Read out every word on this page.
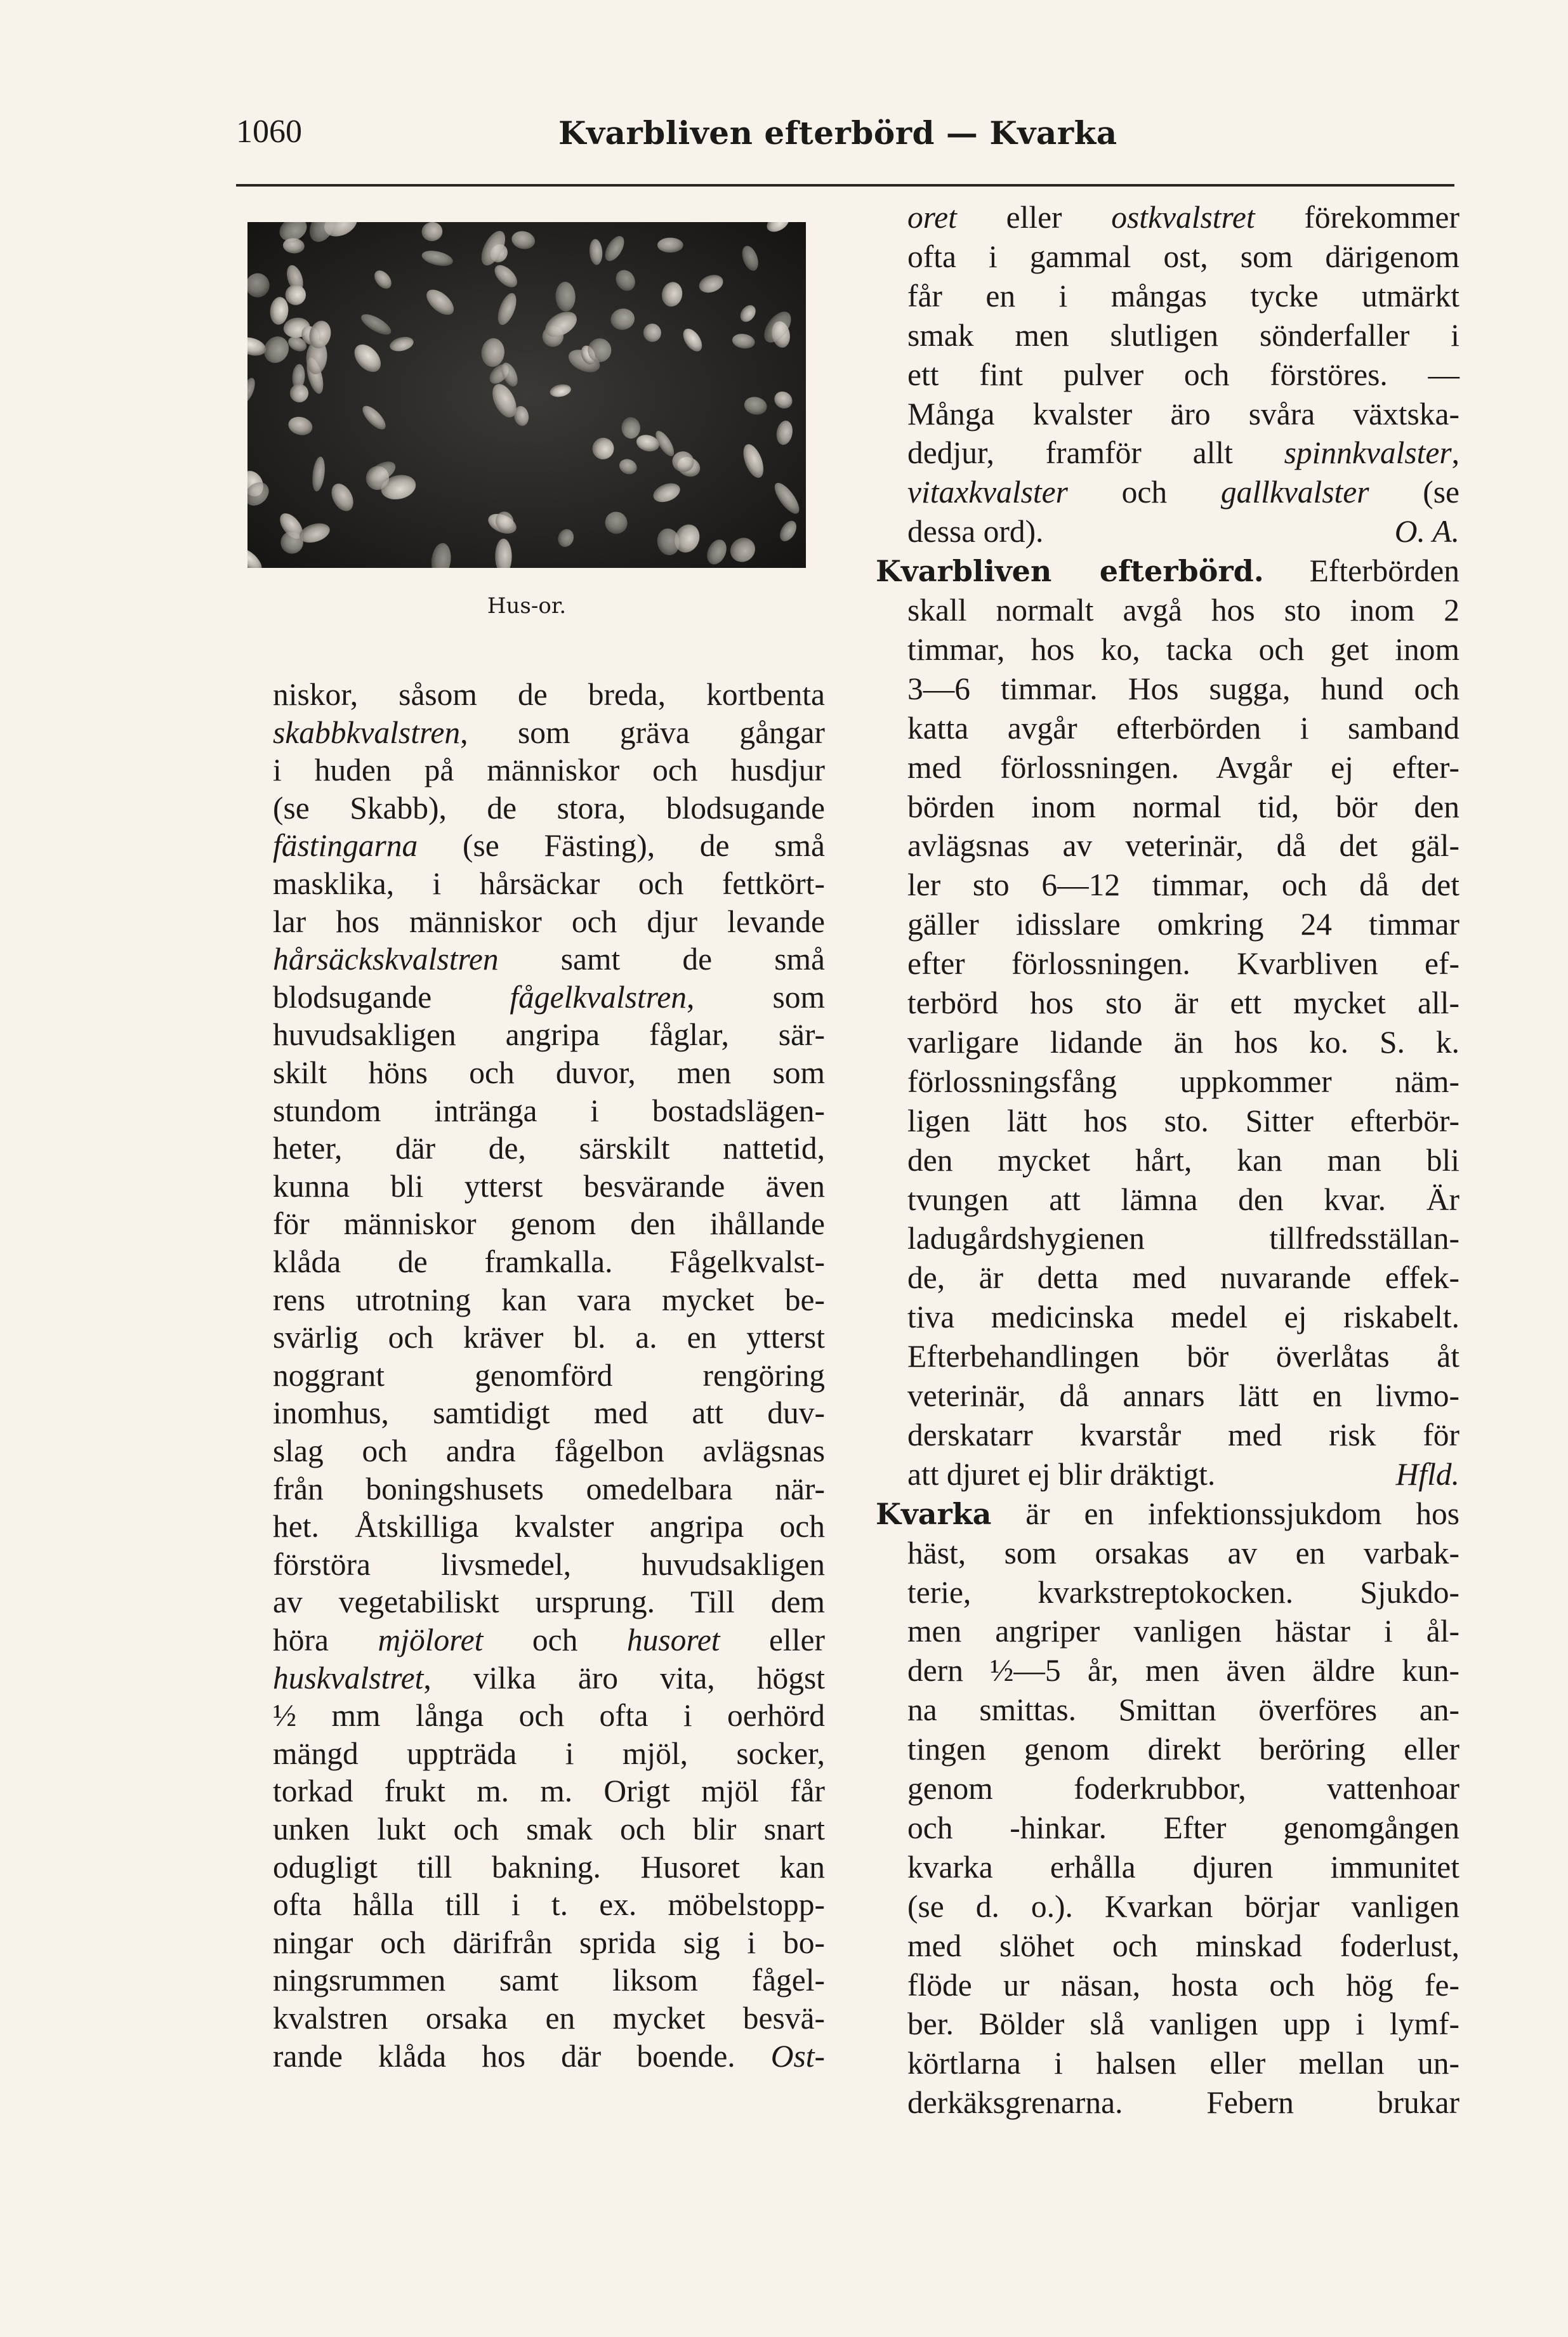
1060	Kvarbliven efterbörd — Kvarka
Hus-or.
niskor, såsom de breda, kortbenta
skabbkvalstren, som gräva gångar
i huden på människor och husdjur
(se Skabb), de stora, blodsugande
fästingarna (se Fästing), de små
masklika, i hårsäckar och fettkört-
lar hos människor och djur levande
hårsäckskvalstren samt de små
blodsugande fågelkvalstren, som
huvudsakligen angripa fåglar, sär-
skilt höns och duvor, men som
stundom intränga i bostadslägen-
heter, där de, särskilt nattetid,
kunna bli ytterst besvärande även
för människor genom den ihållande
klåda de framkalla. Fågelkvalst-
rens utrotning kan vara mycket be-
svärlig och kräver bl. a. en ytterst
noggrant genomförd rengöring
inomhus, samtidigt med att duv-
slag och andra fågelbon avlägsnas
från boningshusets omedelbara när-
het. Åtskilliga kvalster angripa och
förstöra livsmedel, huvudsakligen
av vegetabiliskt ursprung. Till dem
höra mjöloret och husoret eller
huskvalstret, vilka äro vita, högst
½ mm långa och ofta i oerhörd
mängd uppträda i mjöl, socker,
torkad frukt m. m. Origt mjöl får
unken lukt och smak och blir snart
odugligt till bakning. Husoret kan
ofta hålla till i t. ex. möbelstopp-
ningar och därifrån sprida sig i bo-
ningsrummen samt liksom fågel-
kvalstren orsaka en mycket besvä-
rande klåda hos där boende. Ost-
oret eller ostkvalstret förekommer
ofta i gammal ost, som därigenom
får en i mångas tycke utmärkt
smak men slutligen sönderfaller i
ett fint pulver och förstöres. —
Många kvalster äro svåra växtska-
dedjur, framför allt spinnkvalster,
vitaxkvalster och gallkvalster (se
dessa ord).	O. A.
Kvarbliven efterbörd. Efterbörden
skall normalt avgå hos sto inom 2
timmar, hos ko, tacka och get inom
3—6 timmar. Hos sugga, hund och
katta avgår efterbörden i samband
med förlossningen. Avgår ej efter-
börden inom normal tid, bör den
avlägsnas av veterinär, då det gäl-
ler sto 6—12 timmar, och då det
gäller idisslare omkring 24 timmar
efter förlossningen. Kvarbliven ef-
terbörd hos sto är ett mycket all-
varligare lidande än hos ko. S. k.
förlossningsfång uppkommer näm-
ligen lätt hos sto. Sitter efterbör-
den mycket hårt, kan man bli
tvungen att lämna den kvar. Är
ladugårdshygienen tillfredsställan-
de, är detta med nuvarande effek-
tiva medicinska medel ej riskabelt.
Efterbehandlingen bör överlåtas åt
veterinär, då annars lätt en livmo-
derskatarr kvarstår med risk för
att djuret ej blir dräktigt.	Hfld.
Kvarka är en infektionssjukdom hos
häst, som orsakas av en varbak-
terie, kvarkstreptokocken. Sjukdo-
men angriper vanligen hästar i ål-
dern ½—5 år, men även äldre kun-
na smittas. Smittan överföres an-
tingen genom direkt beröring eller
genom foderkrubbor, vattenhoar
och -hinkar. Efter genomgången
kvarka erhålla djuren immunitet
(se d. o.). Kvarkan börjar vanligen
med slöhet och minskad foderlust,
flöde ur näsan, hosta och hög fe-
ber. Bölder slå vanligen upp i lymf-
körtlarna i halsen eller mellan un-
derkäksgrenarna. Febern brukar
